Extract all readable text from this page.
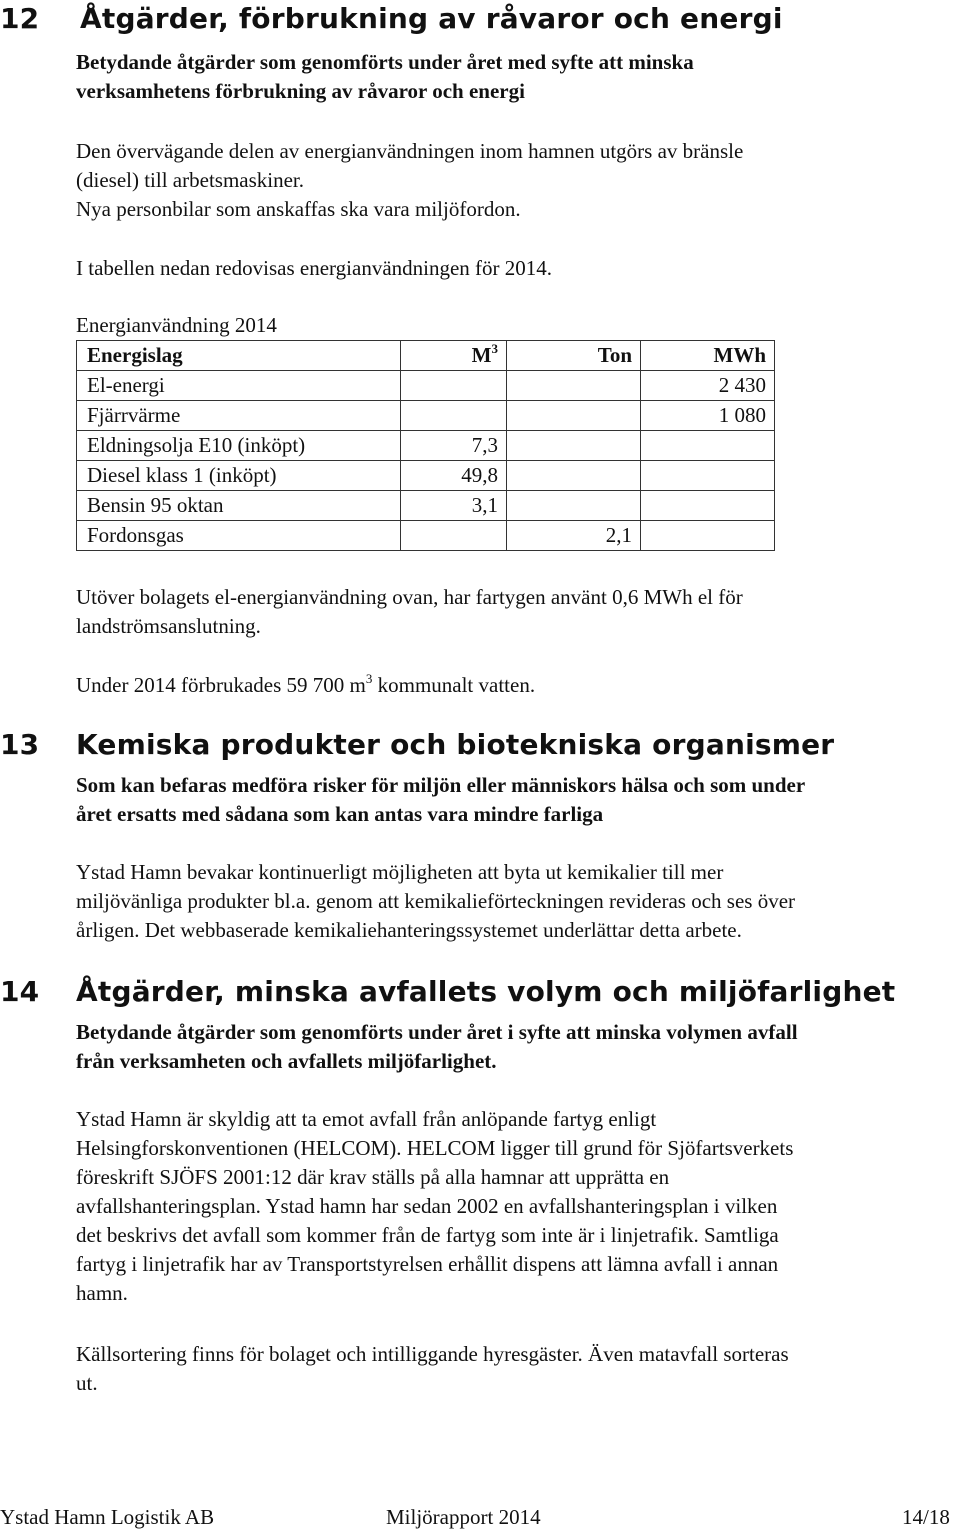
12 Åtgärder, förbrukning av råvaror och energi
Betydande åtgärder som genomförts under året med syfte att minska
verksamhetens förbrukning av råvaror och energi
Den övervägande delen av energianvändningen inom hamnen utgörs av bränsle
(diesel) till arbetsmaskiner.
Nya personbilar som anskaffas ska vara miljöfordon.
I tabellen nedan redovisas energianvändningen för 2014.
Energianvändning 2014
Energislag	$M^3$	Ton	MWh
El-energi			2 430
Fjärrvärme			1 080
Eldningsolja E10 (inköpt)	7,3		
Diesel klass 1 (inköpt)	49,8		
Bensin 95 oktan	3,1		
Fordonsgas		2,1	
Utöver bolagets el-energianvändning ovan, har fartygen använt 0,6 MWh el för
landströmsanslutning.
Under 2014 förbrukades 59 700 $m^3$ kommunalt vatten.
13 Kemiska produkter och biotekniska organismer
Som kan befaras medföra risker för miljön eller människors hälsa och som under
året ersatts med sådana som kan antas vara mindre farliga
Ystad Hamn bevakar kontinuerligt möjligheten att byta ut kemikalier till mer
miljövänliga produkter bl.a. genom att kemikalieförteckningen revideras och ses över
årligen. Det webbaserade kemikaliehanteringssystemet underlättar detta arbete.
14 Åtgärder, minska avfallets volym och miljöfarlighet
Betydande åtgärder som genomförts under året i syfte att minska volymen avfall
från verksamheten och avfallets miljöfarlighet.
Ystad Hamn är skyldig att ta emot avfall från anlöpande fartyg enligt
Helsingforskonventionen (HELCOM). HELCOM ligger till grund för Sjöfartsverkets
föreskrift SJÖFS 2001:12 där krav ställs på alla hamnar att upprätta en
avfallshanteringsplan. Ystad hamn har sedan 2002 en avfallshanteringsplan i vilken
det beskrivs det avfall som kommer från de fartyg som inte är i linjetrafik. Samtliga
fartyg i linjetrafik har av Transportstyrelsen erhållit dispens att lämna avfall i annan
hamn.
Källsortering finns för bolaget och intilliggande hyresgäster. Även matavfall sorteras
ut.
Ystad Hamn Logistik AB	Miljörapport 2014	14/18
